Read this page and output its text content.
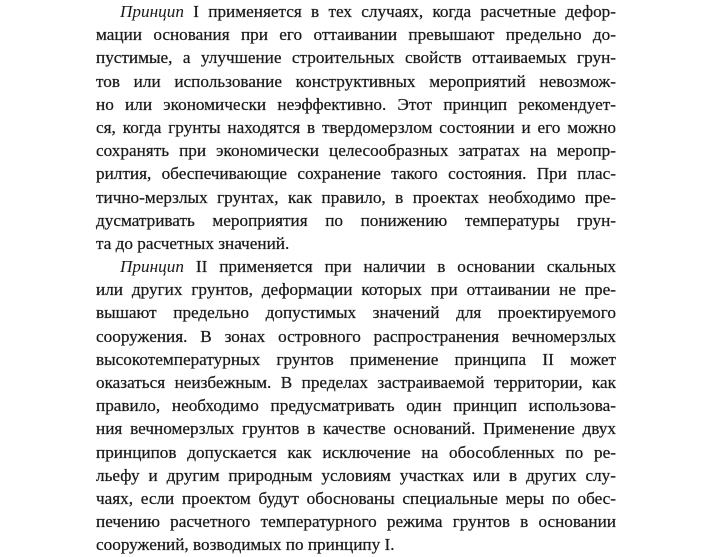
Принцип I применяется в тех случаях, когда расчетные дефор-
мации основания при его оттаивании превышают предельно до-
пустимые, а улучшение строительных свойств оттаиваемых грун-
тов или использование конструктивных мероприятий невозмож-
но или экономически неэффективно. Этот принцип рекомендует-
ся, когда грунты находятся в твердомерзлом состоянии и его можно
сохранять при экономически целесообразных затратах на меропр-
рилтия, обеспечивающие сохранение такого состояния. При плас-
тично-мерзлых грунтах, как правило, в проектах необходимо пре-
дусматривать мероприятия по понижению температуры грун-
та до расчетных значений.
Принцип II применяется при наличии в основании скальных
или других грунтов, деформации которых при оттаивании не пре-
вышают предельно допустимых значений для проектируемого
сооружения. В зонах островного распространения вечномерзлых
высокотемпературных грунтов применение принципа II может
оказаться неизбежным. В пределах застраиваемой территории, как
правило, необходимо предусматривать один принцип использова-
ния вечномерзлых грунтов в качестве оснований. Применение двух
принципов допускается как исключение на обособленных по ре-
льефу и другим природным условиям участках или в других слу-
чаях, если проектом будут обоснованы специальные меры по обес-
печению расчетного температурного режима грунтов в основании
сооружений, возводимых по принципу I.
